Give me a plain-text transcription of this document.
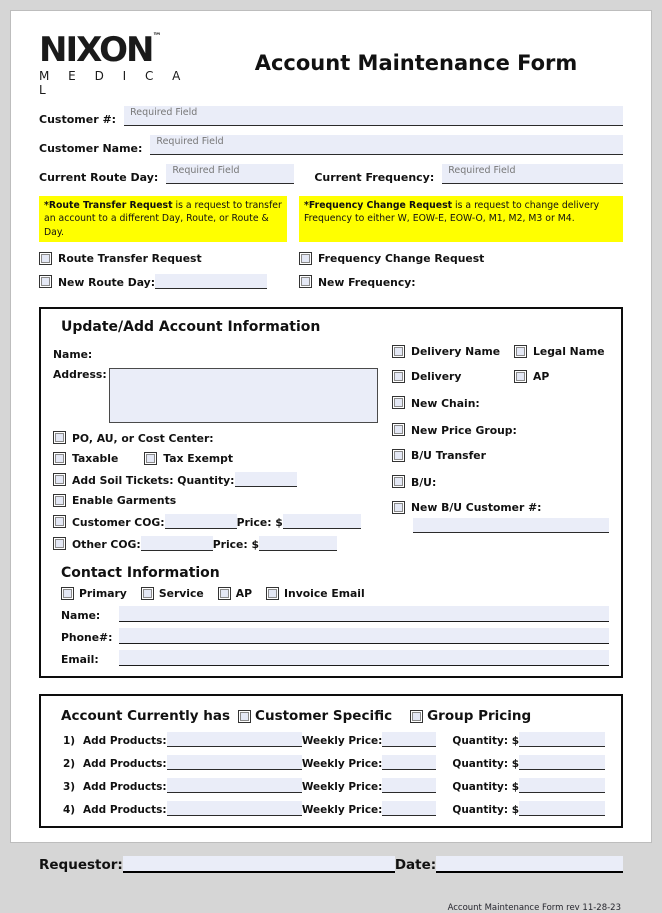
NIXON™
M E D I C A L
Account Maintenance Form
Customer #:
Required Field
Customer Name:
Required Field
Current Route Day:
Required Field	Current Frequency:
Required Field
*Route Transfer Request is a request to transfer an account to a different Day, Route, or Route & Day.
*Frequency Change Request is a request to change delivery Frequency to either W, EOW-E, EOW-O, M1, M2, M3 or M4.
Route Transfer Request
New Route Day:
Frequency Change Request
New Frequency:
Update/Add Account Information
Name:
Address:
PO, AU, or Cost Center:
Taxable	Tax Exempt
Add Soil Tickets: Quantity:
Enable Garments
Customer COG:	Price: $
Other COG:	Price: $
Delivery Name	Legal Name
Delivery	AP
New Chain:
New Price Group:
B/U Transfer
B/U:
New B/U Customer #:
Contact Information
Primary	Service	AP	Invoice Email
Name:
Phone#:
Email:
Account Currently has Customer Specific	Group Pricing
1) Add Products:	Weekly Price:	Quantity: $
2) Add Products:	Weekly Price:	Quantity: $
3) Add Products:	Weekly Price:	Quantity: $
4) Add Products:	Weekly Price:	Quantity: $
Requestor:	Date:
Account Maintenance Form rev 11-28-23
